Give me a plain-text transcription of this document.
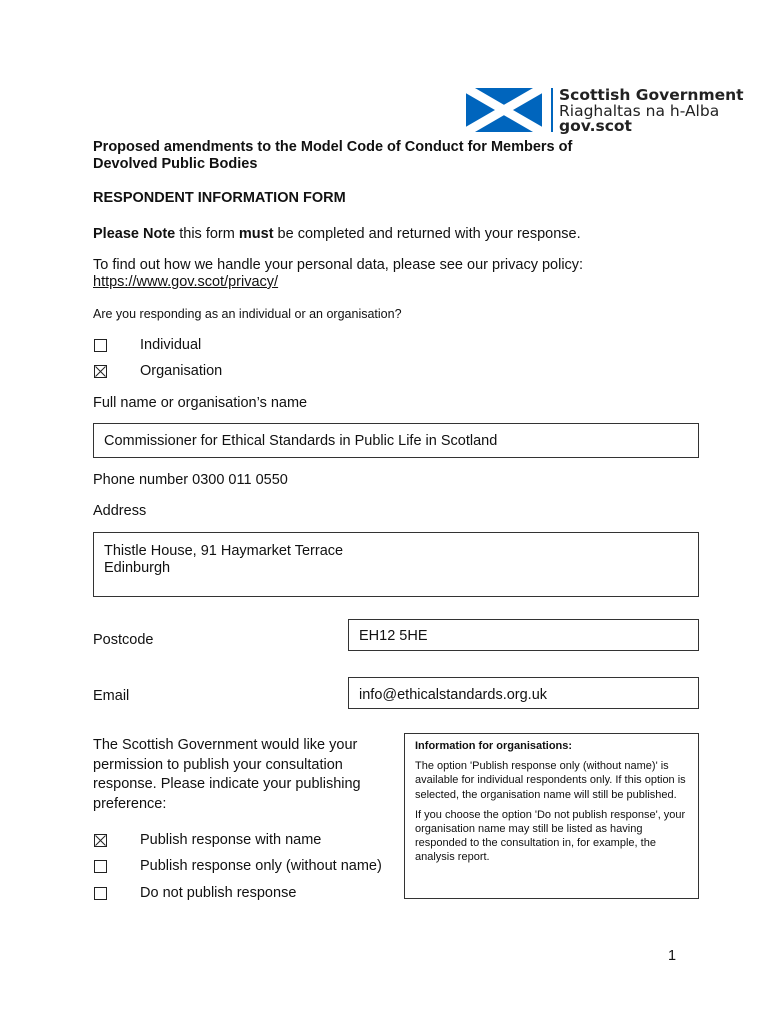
Scottish Government
Riaghaltas na h-Alba
gov.scot
Proposed amendments to the Model Code of Conduct for Members of
Devolved Public Bodies
RESPONDENT INFORMATION FORM
Please Note this form must be completed and returned with your response.
To find out how we handle your personal data, please see our privacy policy:
https://www.gov.scot/privacy/
Are you responding as an individual or an organisation?
Individual
Organisation
Full name or organisation’s name
Commissioner for Ethical Standards in Public Life in Scotland
Phone number 0300 011 0550
Address
Thistle House, 91 Haymarket Terrace
Edinburgh
Postcode	EH12 5HE
Email	info@ethicalstandards.org.uk
The Scottish Government would like your permission to publish your consultation response. Please indicate your publishing preference:
Publish response with name
Publish response only (without name)
Do not publish response
Information for organisations:

The option 'Publish response only (without name)' is available for individual respondents only. If this option is selected, the organisation name will still be published.

If you choose the option 'Do not publish response', your organisation name may still be listed as having responded to the consultation in, for example, the analysis report.

1
